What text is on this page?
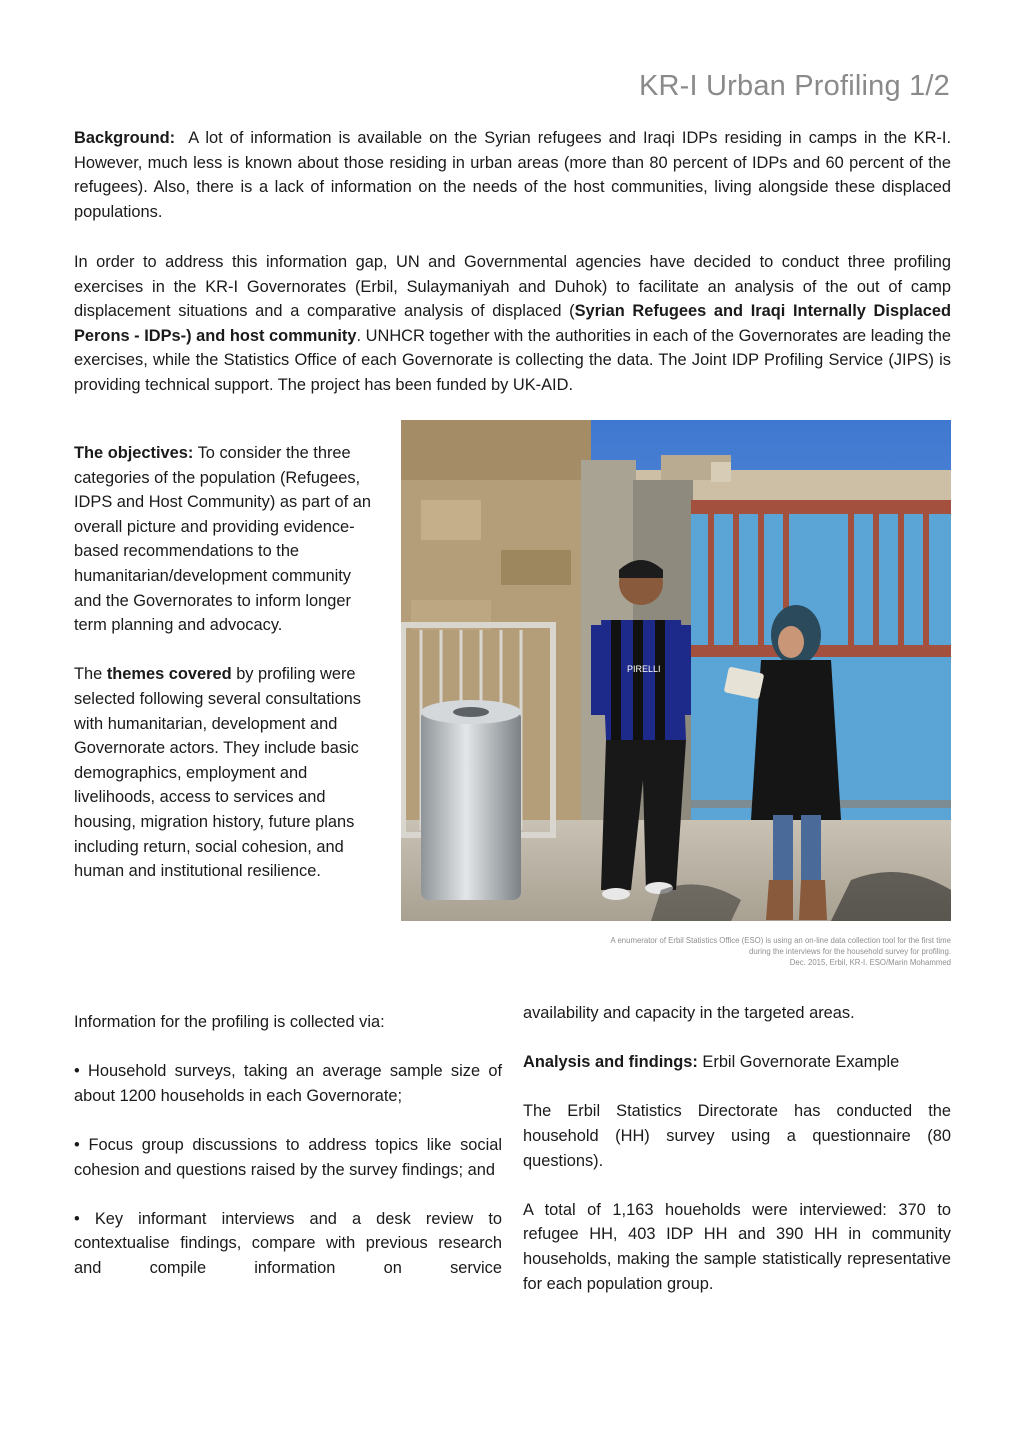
KR-I Urban Profiling 1/2

Background: A lot of information is available on the Syrian refugees and Iraqi IDPs residing in camps in the KR-I. However, much less is known about those residing in urban areas (more than 80 percent of IDPs and 60 percent of the refugees). Also, there is a lack of information on the needs of the host communities, living alongside these displaced populations.

In order to address this information gap, UN and Governmental agencies have decided to conduct three profiling exercises in the KR-I Governorates (Erbil, Sulaymaniyah and Duhok) to facilitate an analysis of the out of camp displacement situations and a comparative analysis of displaced (Syrian Refugees and Iraqi Internally Displaced Perons - IDPs-) and host community. UNHCR together with the authorities in each of the Governorates are leading the exercises, while the Statistics Office of each Governorate is collecting the data. The Joint IDP Profiling Service (JIPS) is providing technical support. The project has been funded by UK-AID.

The objectives: To consider the three categories of the population (Refugees, IDPS and Host Community) as part of an overall picture and providing evidence-based recommendations to the humanitarian/development community and the Governorates to inform longer term planning and advocacy.

The themes covered by profiling were selected following several consultations with humanitarian, development and Governorate actors. They include basic demographics, employment and livelihoods, access to services and housing, migration history, future plans including return, social cohesion, and human and institutional resilience.

PIRELLI
A enumerator of Erbil Statistics Office (ESO) is using an on-line data collection tool for the first time
during the interviews for the household survey for profiling.
Dec. 2015, Erbil, KR-I. ESO/Marin Mohammed

Information for the profiling is collected via:

• Household surveys, taking an average sample size of about 1200 households in each Governorate;

• Focus group discussions to address topics like social cohesion and questions raised by the survey findings; and

• Key informant interviews and a desk review to contextualise findings, compare with previous research and compile information on service

availability and capacity in the targeted areas.

Analysis and findings: Erbil Governorate Example

The Erbil Statistics Directorate has conducted the household (HH) survey using a questionnaire (80 questions).

A total of 1,163 houeholds were interviewed: 370 to refugee HH, 403 IDP HH and 390 HH in community households, making the sample statistically representative for each population group.
